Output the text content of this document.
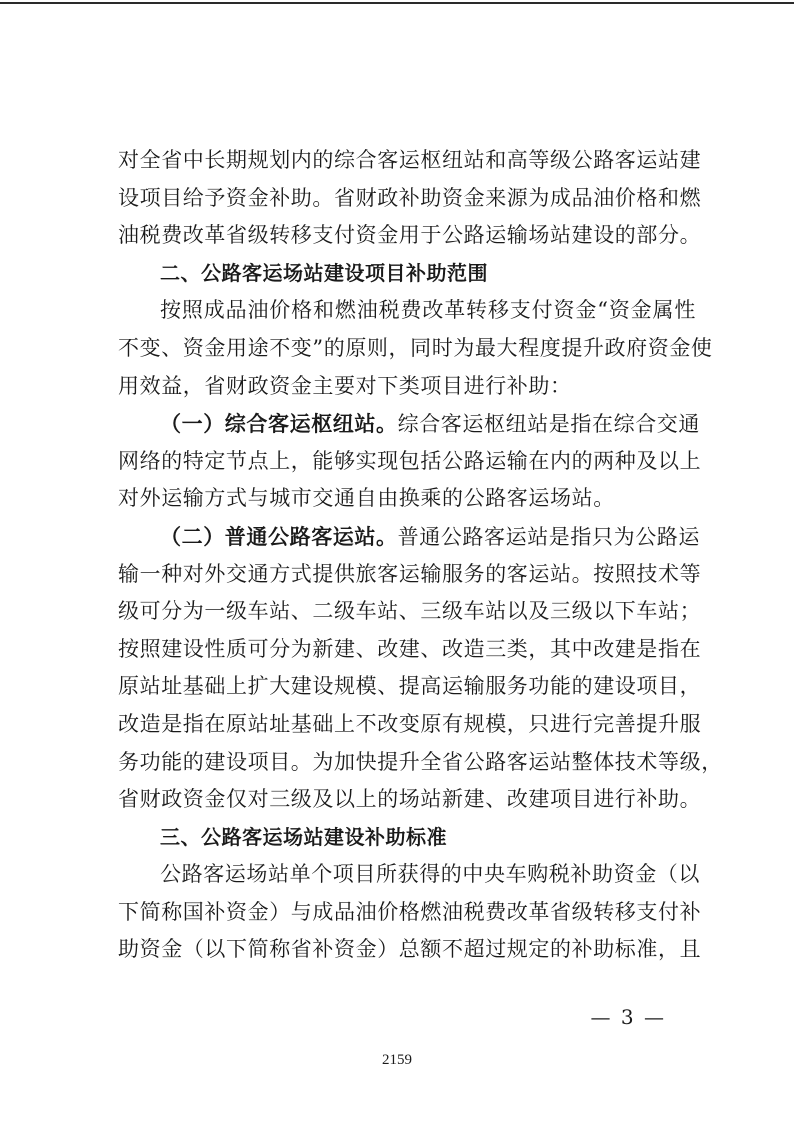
对全省中长期规划内的综合客运枢纽站和高等级公路客运站建
设项目给予资金补助。省财政补助资金来源为成品油价格和燃
油税费改革省级转移支付资金用于公路运输场站建设的部分。
二、公路客运场站建设项目补助范围
按照成品油价格和燃油税费改革转移支付资金“资金属性
不变、资金用途不变”的原则，同时为最大程度提升政府资金使
用效益，省财政资金主要对下类项目进行补助：
（一）综合客运枢纽站。综合客运枢纽站是指在综合交通
网络的特定节点上，能够实现包括公路运输在内的两种及以上
对外运输方式与城市交通自由换乘的公路客运场站。
（二）普通公路客运站。普通公路客运站是指只为公路运
输一种对外交通方式提供旅客运输服务的客运站。按照技术等
级可分为一级车站、二级车站、三级车站以及三级以下车站；
按照建设性质可分为新建、改建、改造三类，其中改建是指在
原站址基础上扩大建设规模、提高运输服务功能的建设项目，
改造是指在原站址基础上不改变原有规模，只进行完善提升服
务功能的建设项目。为加快提升全省公路客运站整体技术等级，
省财政资金仅对三级及以上的场站新建、改建项目进行补助。
三、公路客运场站建设补助标准
公路客运场站单个项目所获得的中央车购税补助资金（以
下简称国补资金）与成品油价格燃油税费改革省级转移支付补
助资金（以下简称省补资金）总额不超过规定的补助标准，且
— 3 —
2159
